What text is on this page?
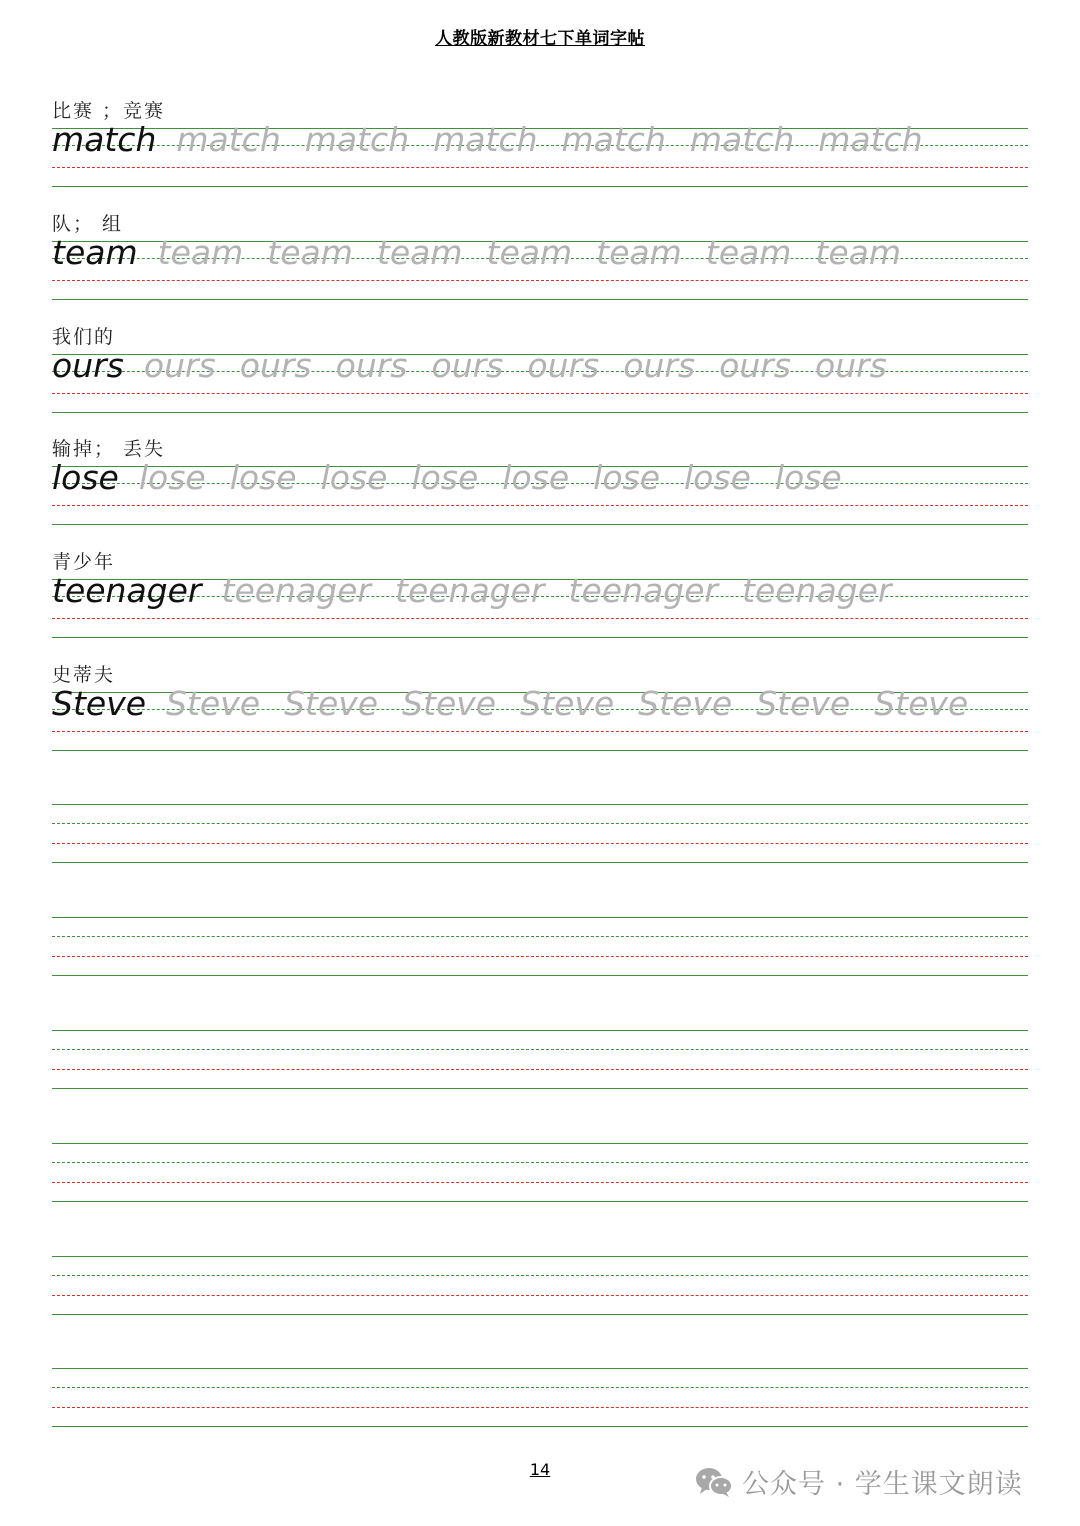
人教版新教材七下单词字帖
比赛 ；竞赛
match match match match match match match
队； 组
team team team team team team team team
我们的
ours ours ours ours ours ours ours ours ours
输掉； 丢失
lose lose lose lose lose lose lose lose lose
青少年
teenager teenager teenager teenager teenager
史蒂夫
Steve Steve Steve Steve Steve Steve Steve Steve
14	公众号 · 学生课文朗读
